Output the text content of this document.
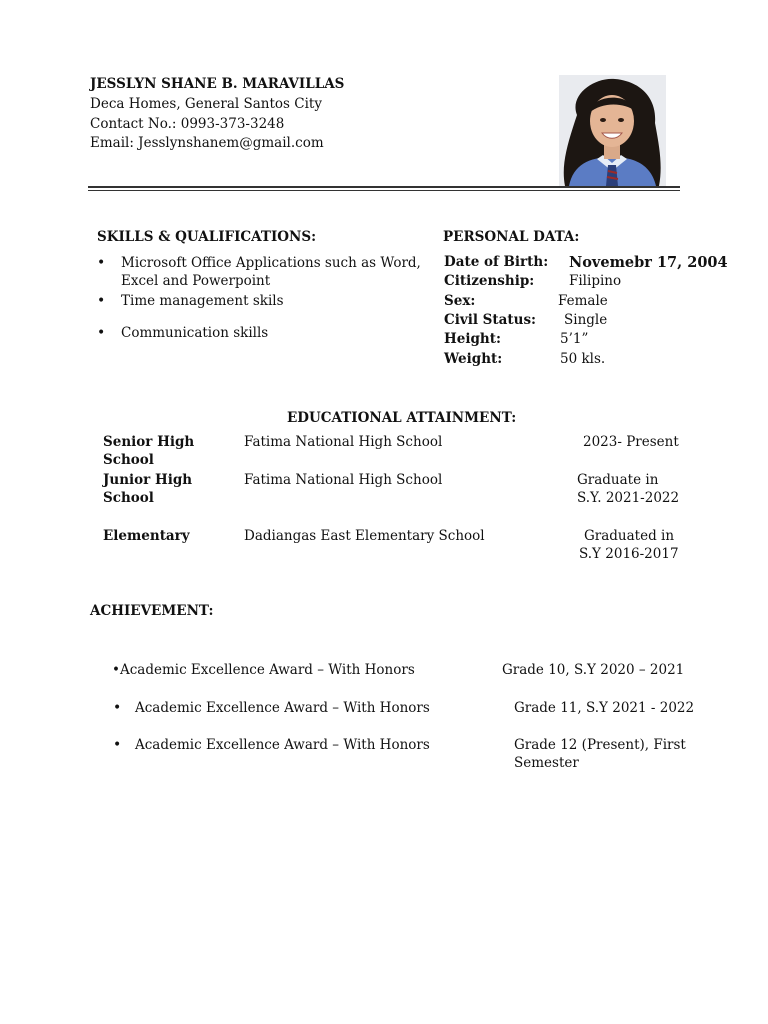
JESSLYN SHANE B. MARAVILLAS
Deca Homes, General Santos City
Contact No.: 0993-373-3248
Email: Jesslynshanem@gmail.com
SKILLS & QUALIFICATIONS:
• Microsoft Office Applications such as Word,
Excel and Powerpoint
• Time management skils
• Communication skills
PERSONAL DATA:
Date of Birth: Novemebr 17, 2004
Citizenship:	Filipino
Sex:	Female
Civil Status: Single
Height:	5’1”
Weight:	50 kls.
EDUCATIONAL ATTAINMENT:
Senior High
School
Fatima National High School	2023- Present
Junior High
School
Fatima National High School	Graduate in
S.Y. 2021-2022
Elementary	Dadiangas East Elementary School	Graduated in
S.Y 2016-2017
ACHIEVEMENT:
•Academic Excellence Award – With Honors	Grade 10, S.Y 2020 – 2021
• Academic Excellence Award – With Honors	Grade 11, S.Y 2021 - 2022
• Academic Excellence Award – With Honors	Grade 12 (Present), First
Semester
